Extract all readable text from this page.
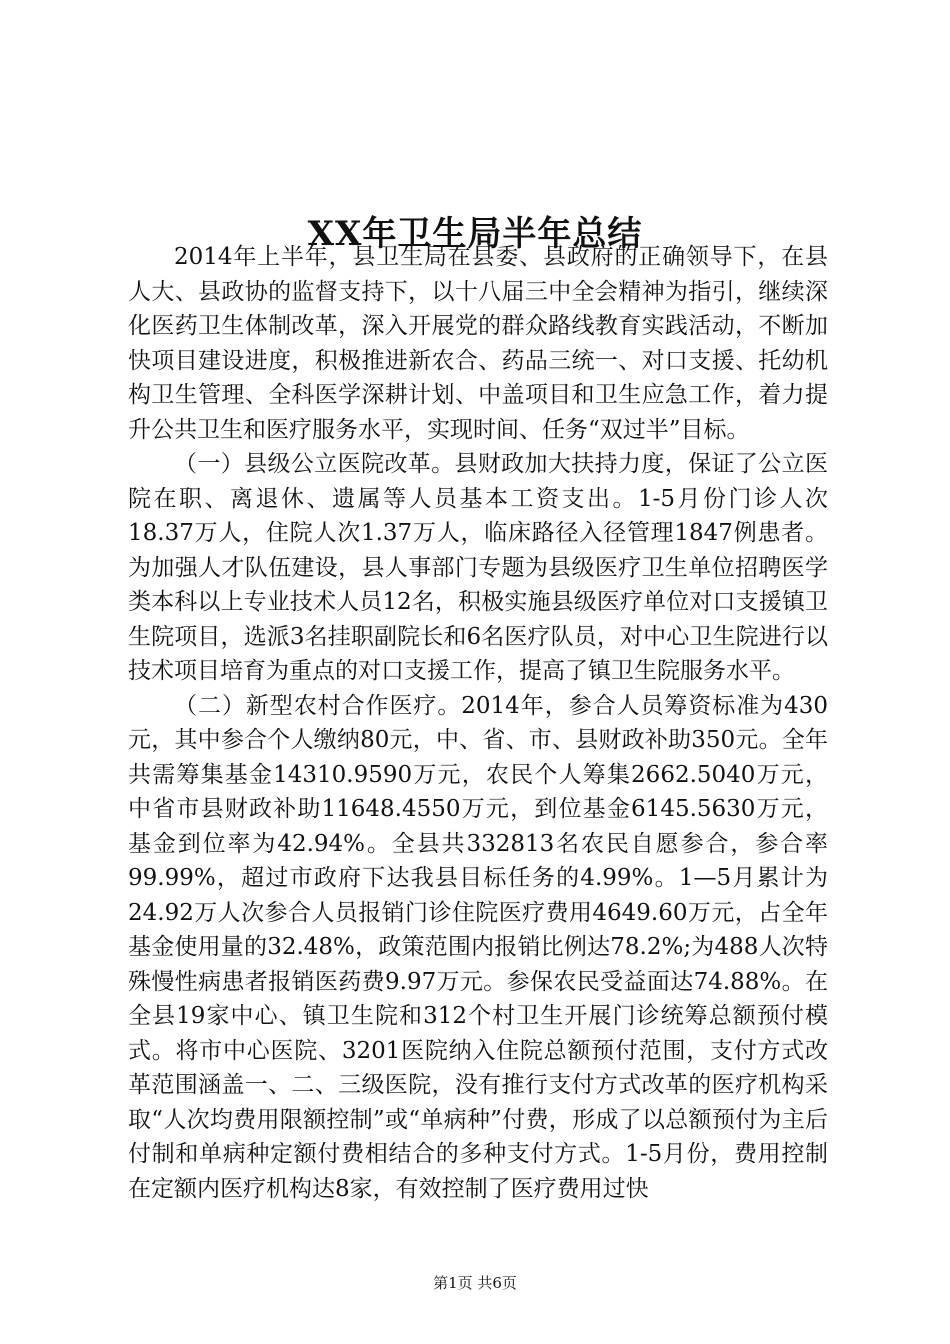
XX年卫生局半年总结

2014年上半年，县卫生局在县委、县政府的正确领导下，在县人大、县政协的监督支持下，以十八届三中全会精神为指引，继续深化医药卫生体制改革，深入开展党的群众路线教育实践活动，不断加快项目建设进度，积极推进新农合、药品三统一、对口支援、托幼机构卫生管理、全科医学深耕计划、中盖项目和卫生应急工作，着力提升公共卫生和医疗服务水平，实现时间、任务“双过半”目标。

（一）县级公立医院改革。县财政加大扶持力度，保证了公立医院在职、离退休、遗属等人员基本工资支出。1-5月份门诊人次18.37万人，住院人次1.37万人，临床路径入径管理1847例患者。为加强人才队伍建设，县人事部门专题为县级医疗卫生单位招聘医学类本科以上专业技术人员12名，积极实施县级医疗单位对口支援镇卫生院项目，选派3名挂职副院长和6名医疗队员，对中心卫生院进行以技术项目培育为重点的对口支援工作，提高了镇卫生院服务水平。

（二）新型农村合作医疗。2014年，参合人员筹资标准为430元，其中参合个人缴纳80元，中、省、市、县财政补助350元。全年共需筹集基金14310.9590万元，农民个人筹集2662.5040万元，中省市县财政补助11648.4550万元，到位基金6145.5630万元，基金到位率为42.94%。全县共332813名农民自愿参合，参合率99.99%，超过市政府下达我县目标任务的4.99%。1—5月累计为24.92万人次参合人员报销门诊住院医疗费用4649.60万元，占全年基金使用量的32.48%，政策范围内报销比例达78.2%;为488人次特殊慢性病患者报销医药费9.97万元。参保农民受益面达74.88%。在全县19家中心、镇卫生院和312个村卫生开展门诊统筹总额预付模式。将市中心医院、3201医院纳入住院总额预付范围，支付方式改革范围涵盖一、二、三级医院，没有推行支付方式改革的医疗机构采取“人次均费用限额控制”或“单病种”付费，形成了以总额预付为主后付制和单病种定额付费相结合的多种支付方式。1-5月份，费用控制在定额内医疗机构达8家，有效控制了医疗费用过快

第1页 共6页
